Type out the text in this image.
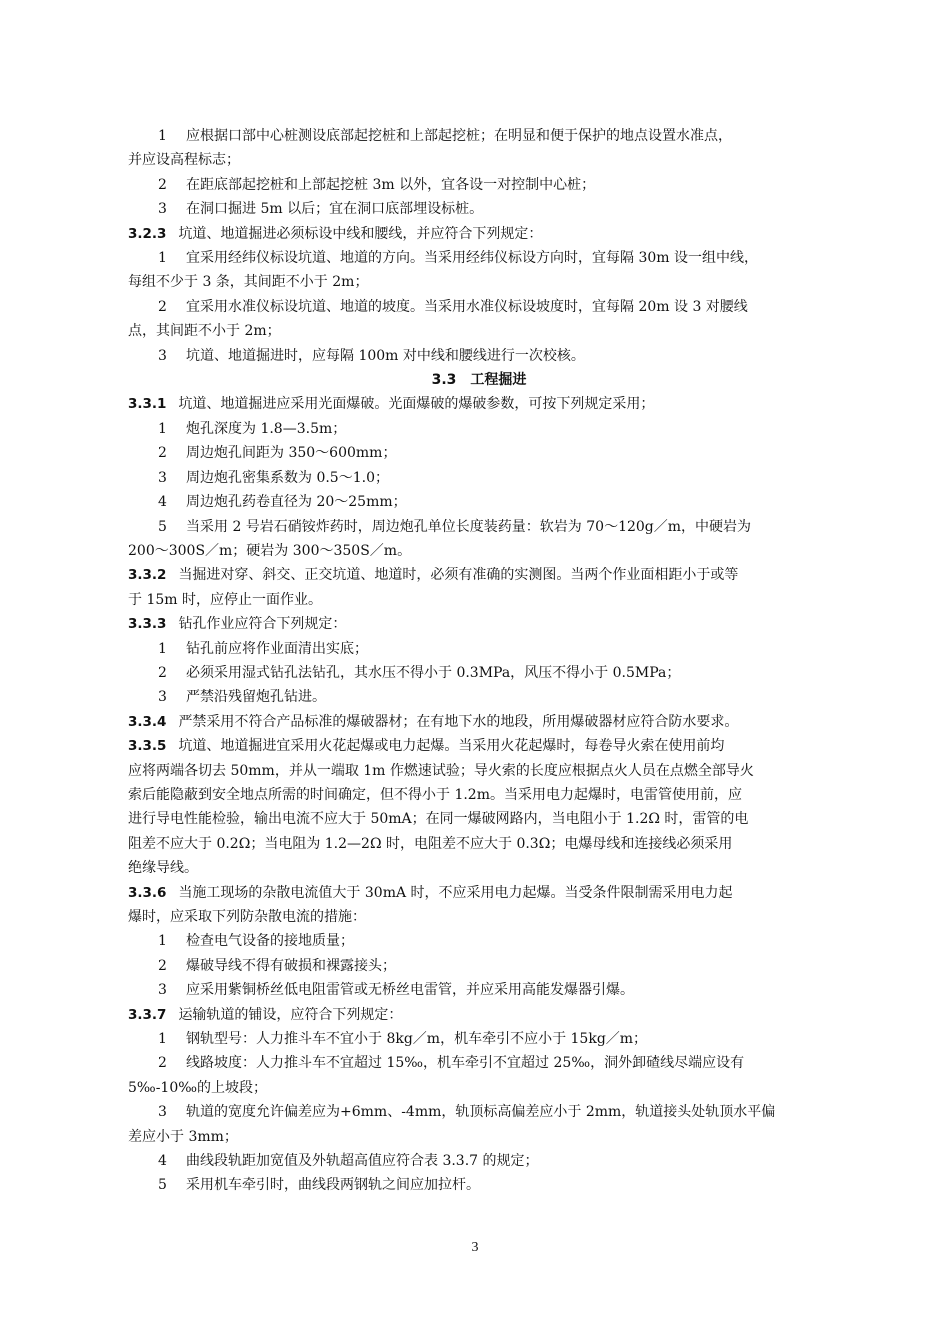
1 应根据口部中心桩测设底部起挖桩和上部起挖桩；在明显和便于保护的地点设置水准点，
并应设高程标志；
2 在距底部起挖桩和上部起挖桩 3m 以外，宜各设一对控制中心桩；
3 在洞口掘进 5m 以后；宜在洞口底部埋设标桩。
3.2.3 坑道、地道掘进必须标设中线和腰线，并应符合下列规定：
1 宜采用经纬仪标设坑道、地道的方向。当采用经纬仪标设方向时，宜每隔 30m 设一组中线，
每组不少于 3 条，其间距不小于 2m；
2 宜采用水准仪标设坑道、地道的坡度。当采用水准仪标设坡度时，宜每隔 20m 设 3 对腰线
点，其间距不小于 2m；
3 坑道、地道掘进时，应每隔 100m 对中线和腰线进行一次校核。
3.3 工程掘进
3.3.1 坑道、地道掘进应采用光面爆破。光面爆破的爆破参数，可按下列规定采用；
1 炮孔深度为 1.8—3.5m；
2 周边炮孔间距为 350～600mm；
3 周边炮孔密集系数为 0.5～1.0；
4 周边炮孔药卷直径为 20～25mm；
5 当采用 2 号岩石硝铵炸药时，周边炮孔单位长度装药量：软岩为 70～120g／m，中硬岩为
200～300S／m；硬岩为 300～350S／m。
3.3.2 当掘进对穿、斜交、正交坑道、地道时，必须有准确的实测图。当两个作业面相距小于或等
于 15m 时，应停止一面作业。
3.3.3 钻孔作业应符合下列规定：
1 钻孔前应将作业面清出实底；
2 必须采用湿式钻孔法钻孔，其水压不得小于 0.3MPa，风压不得小于 0.5MPa；
3 严禁沿残留炮孔钻进。
3.3.4 严禁采用不符合产品标准的爆破器材；在有地下水的地段，所用爆破器材应符合防水要求。
3.3.5 坑道、地道掘进宜采用火花起爆或电力起爆。当采用火花起爆时，每卷导火索在使用前均
应将两端各切去 50mm，并从一端取 1m 作燃速试验；导火索的长度应根据点火人员在点燃全部导火
索后能隐蔽到安全地点所需的时间确定，但不得小于 1.2m。当采用电力起爆时，电雷管使用前，应
进行导电性能检验，输出电流不应大于 50mA；在同一爆破网路内，当电阻小于 1.2Ω 时，雷管的电
阻差不应大于 0.2Ω；当电阻为 1.2—2Ω 时，电阻差不应大于 0.3Ω；电爆母线和连接线必须采用
绝缘导线。
3.3.6 当施工现场的杂散电流值大于 30mA 时，不应采用电力起爆。当受条件限制需采用电力起
爆时，应采取下列防杂散电流的措施：
1 检查电气设备的接地质量；
2 爆破导线不得有破损和裸露接头；
3 应采用紫铜桥丝低电阻雷管或无桥丝电雷管，并应采用高能发爆器引爆。
3.3.7 运输轨道的铺设，应符合下列规定：
1 钢轨型号：人力推斗车不宜小于 8kg／m，机车牵引不应小于 15kg／m；
2 线路坡度：人力推斗车不宜超过 15‰，机车牵引不宜超过 25‰，洞外卸碴线尽端应设有
5‰-10‰的上坡段；
3 轨道的宽度允许偏差应为+6mm、-4mm，轨顶标高偏差应小于 2mm，轨道接头处轨顶水平偏
差应小于 3mm；
4 曲线段轨距加宽值及外轨超高值应符合表 3.3.7 的规定；
5 采用机车牵引时，曲线段两钢轨之间应加拉杆。
3
